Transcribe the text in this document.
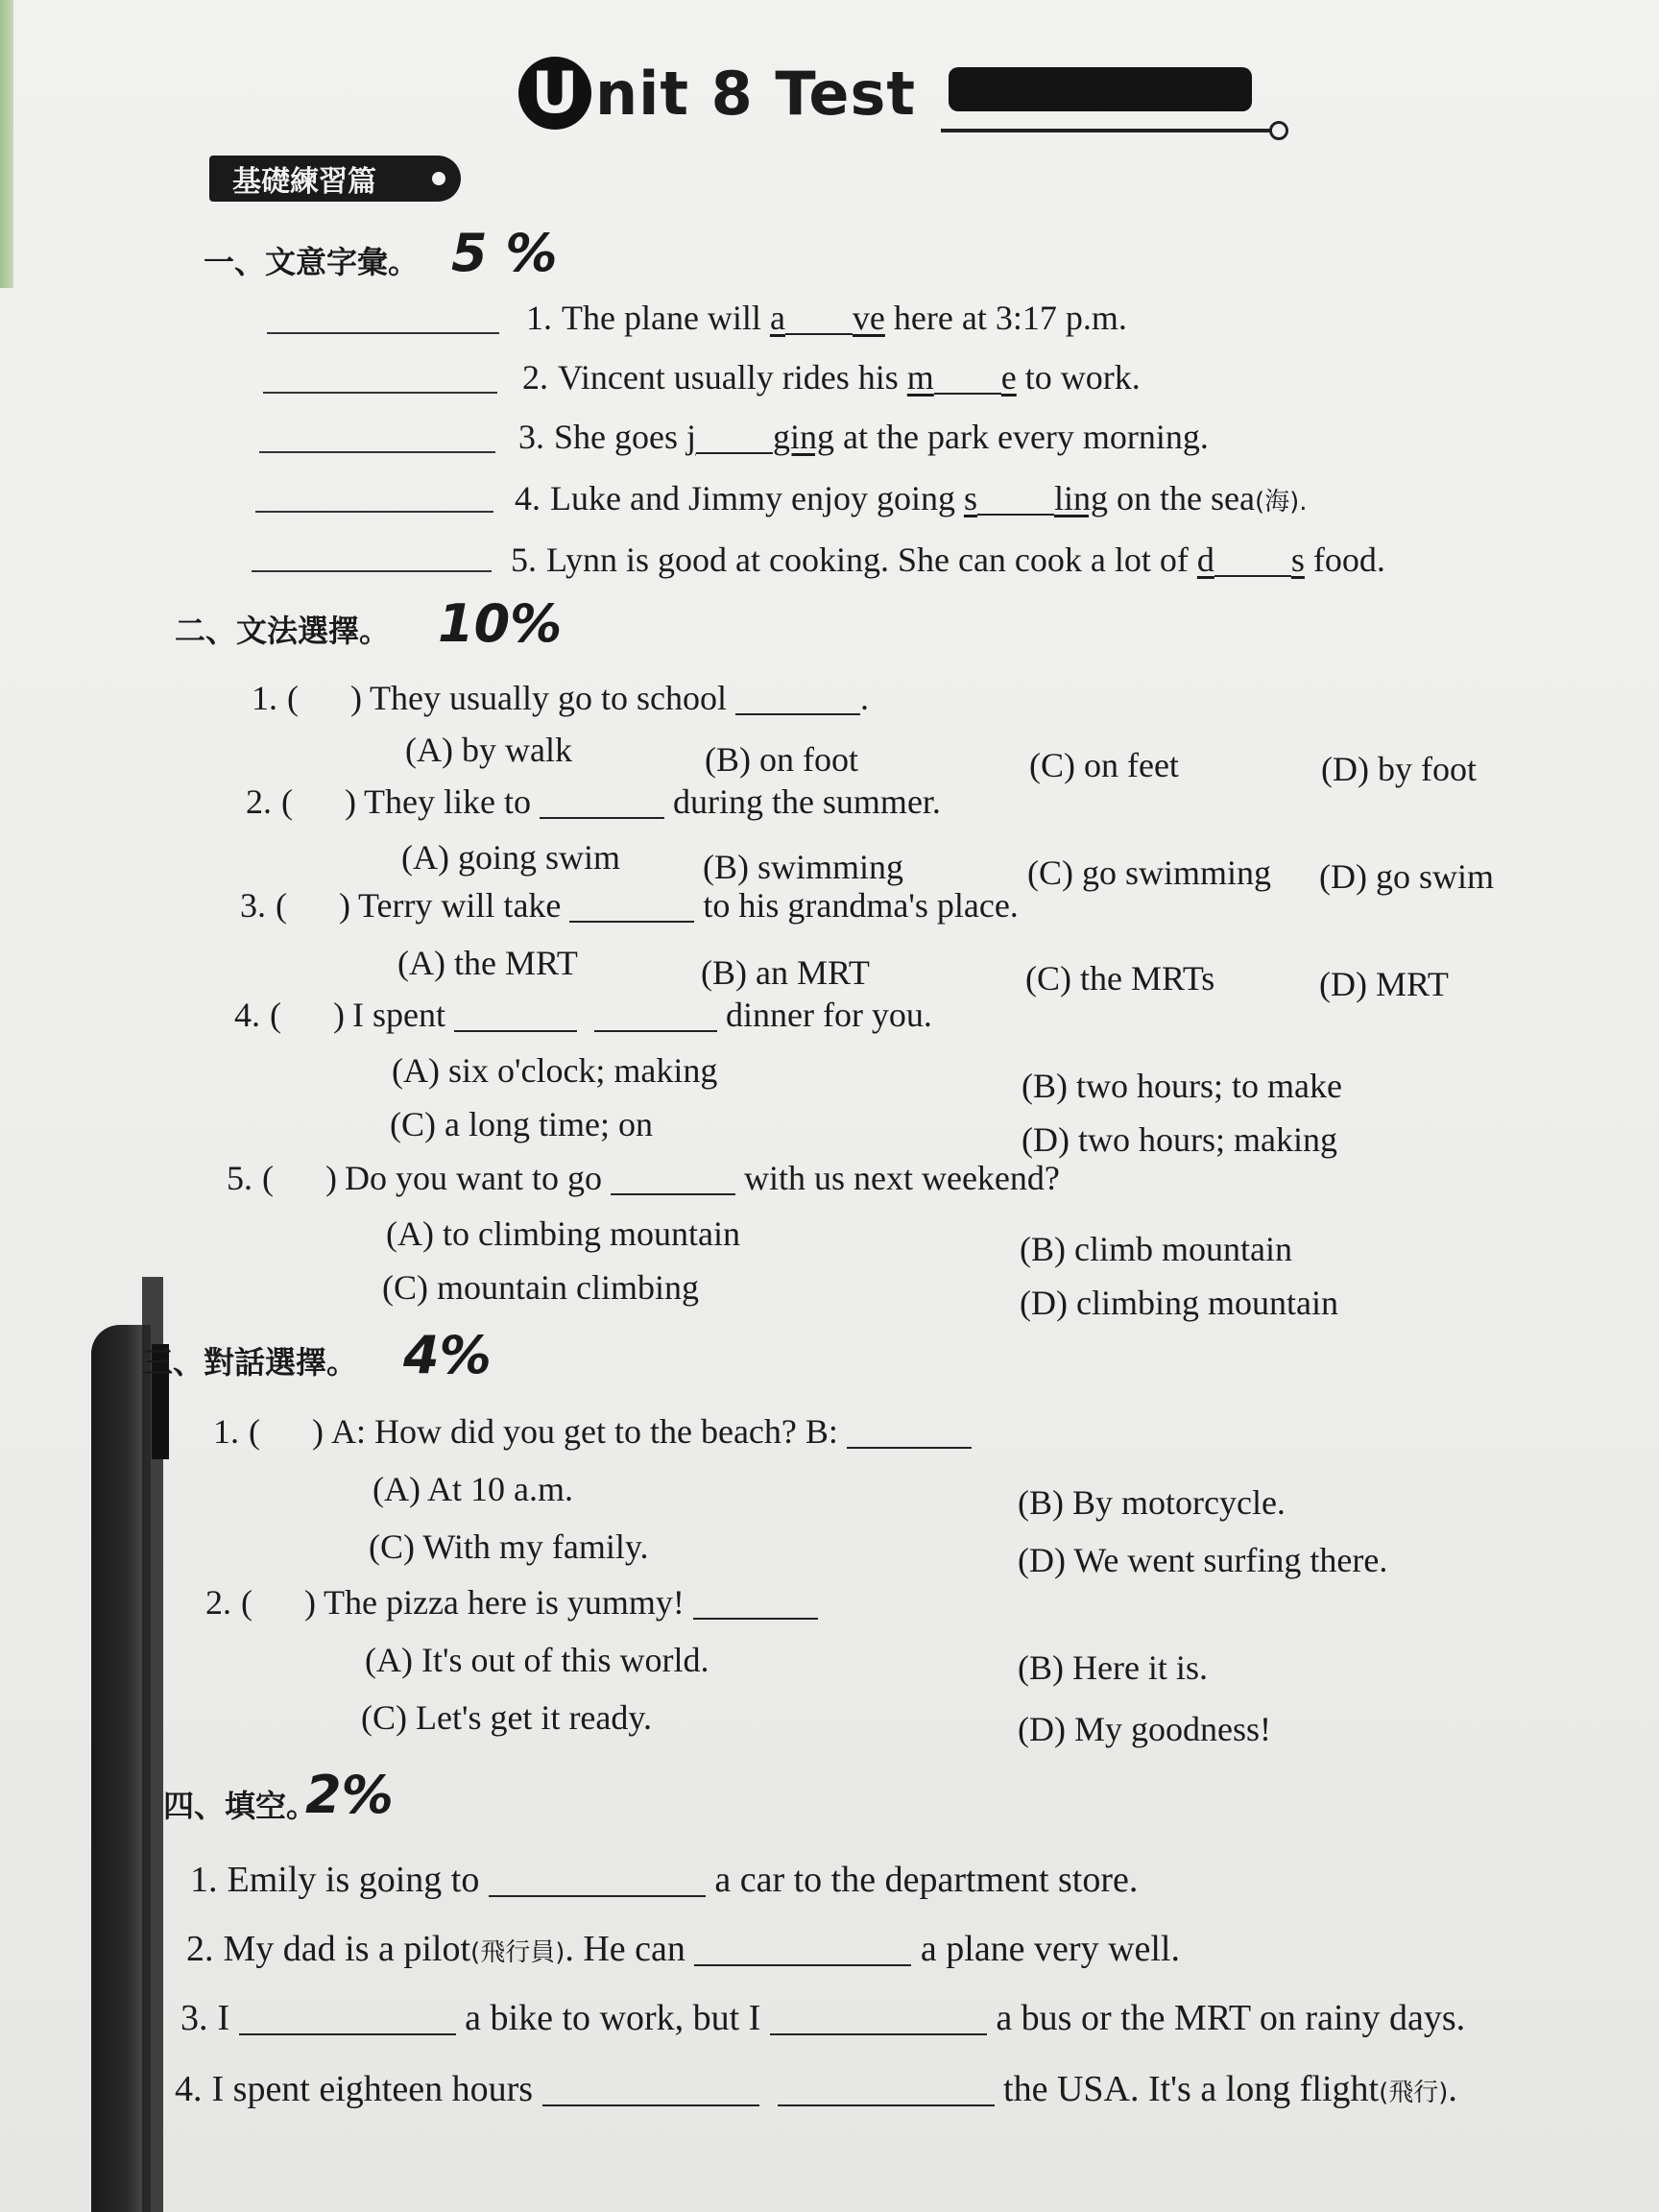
U nit 8 Test
基礎練習篇
一、文意字彙。 5 %
1. The plane will a ve here at 3:17 p.m.
2. Vincent usually rides his m e to work.
3. She goes j ging at the park every morning.
4. Luke and Jimmy enjoy going s ling on the sea(海).
5. Lynn is good at cooking. She can cook a lot of d s food.
二、文法選擇。 10%
1. (      ) They usually go to school	.
(A) by walk	(B) on foot	(C) on feet	(D) by foot
2. (      ) They like to	during the summer.
(A) going swim (B) swimming	(C) go swimming (D) go swim
3. (      ) Terry will take	to his grandma's place.
(A) the MRT	(B) an MRT	(C) the MRTs	(D) MRT
4. (      ) I spent	dinner for you.
(A) six o'clock; making	(B) two hours; to make
(C) a long time; on	(D) two hours; making
5. (      ) Do you want to go	with us next weekend?
(A) to climbing mountain	(B) climb mountain
(C) mountain climbing	(D) climbing mountain
三、對話選擇。 4%
1. (      ) A: How did you get to the beach? B:
(A) At 10 a.m.	(B) By motorcycle.
(C) With my family.	(D) We went surfing there.
2. (      ) The pizza here is yummy!
(A) It's out of this world.	(B) Here it is.
(C) Let's get it ready.	(D) My goodness!
四、填空。
2%
1. Emily is going to	a car to the department store.
2. My dad is a pilot(飛行員). He can	a plane very well.
3. I	a bike to work, but I	a bus or the MRT on rainy days.
4. I spent eighteen hours	the USA. It's a long flight(飛行).
